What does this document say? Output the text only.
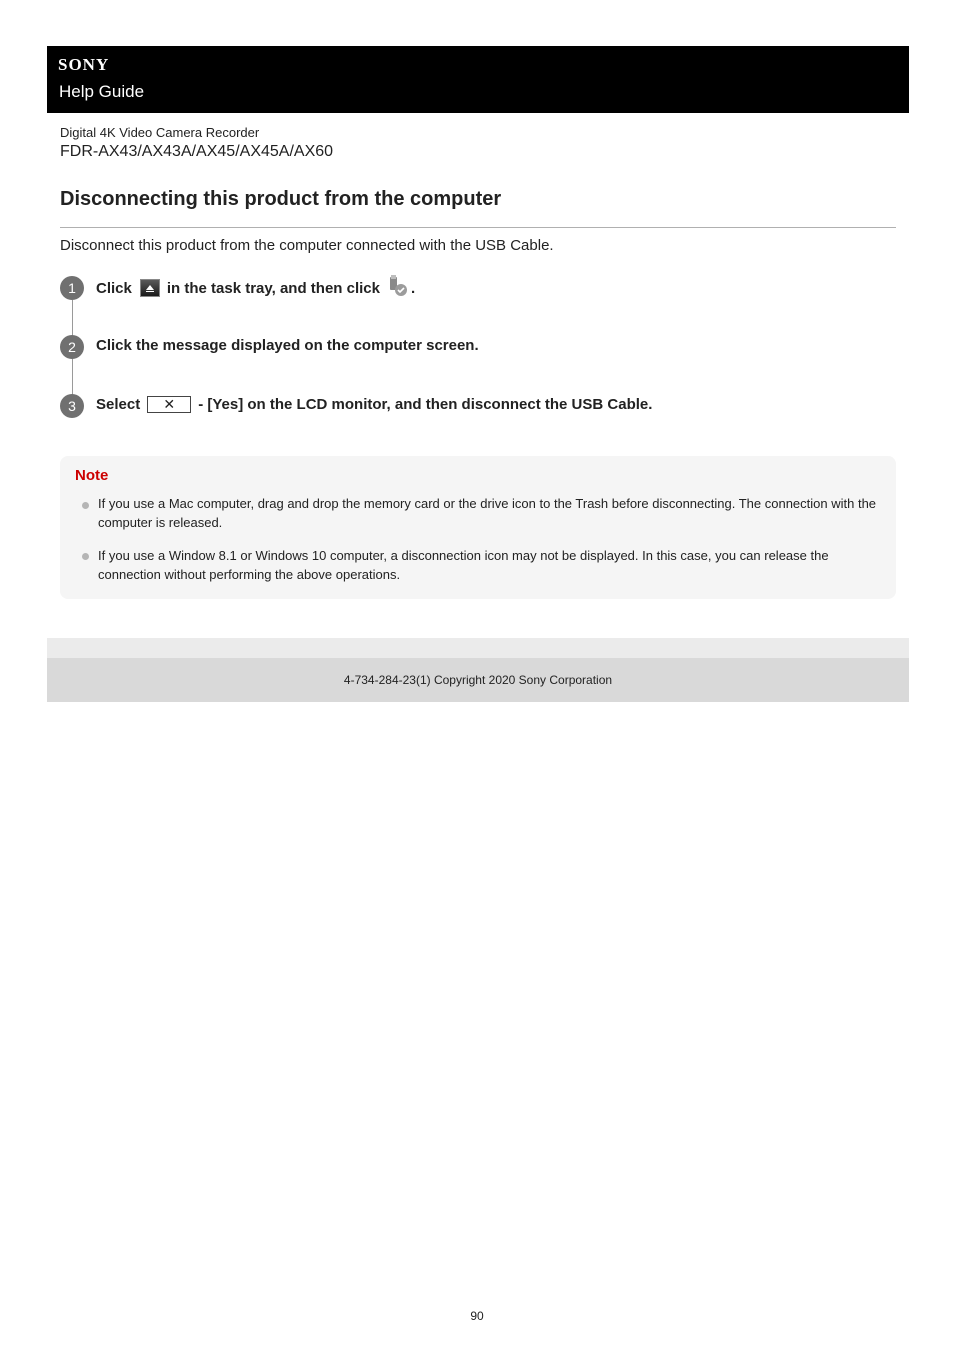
SONY
Help Guide
Digital 4K Video Camera Recorder
FDR-AX43/AX43A/AX45/AX45A/AX60
Disconnecting this product from the computer
Disconnect this product from the computer connected with the USB Cable.
1	Click in the task tray, and then click .
2	Click the message displayed on the computer screen.
3	Select	✕	- [Yes] on the LCD monitor, and then disconnect the USB Cable.
Note
If you use a Mac computer, drag and drop the memory card or the drive icon to the Trash before disconnecting. The connection with the computer is released.
If you use a Window 8.1 or Windows 10 computer, a disconnection icon may not be displayed. In this case, you can release the connection without performing the above operations.
4-734-284-23(1) Copyright 2020 Sony Corporation
90
